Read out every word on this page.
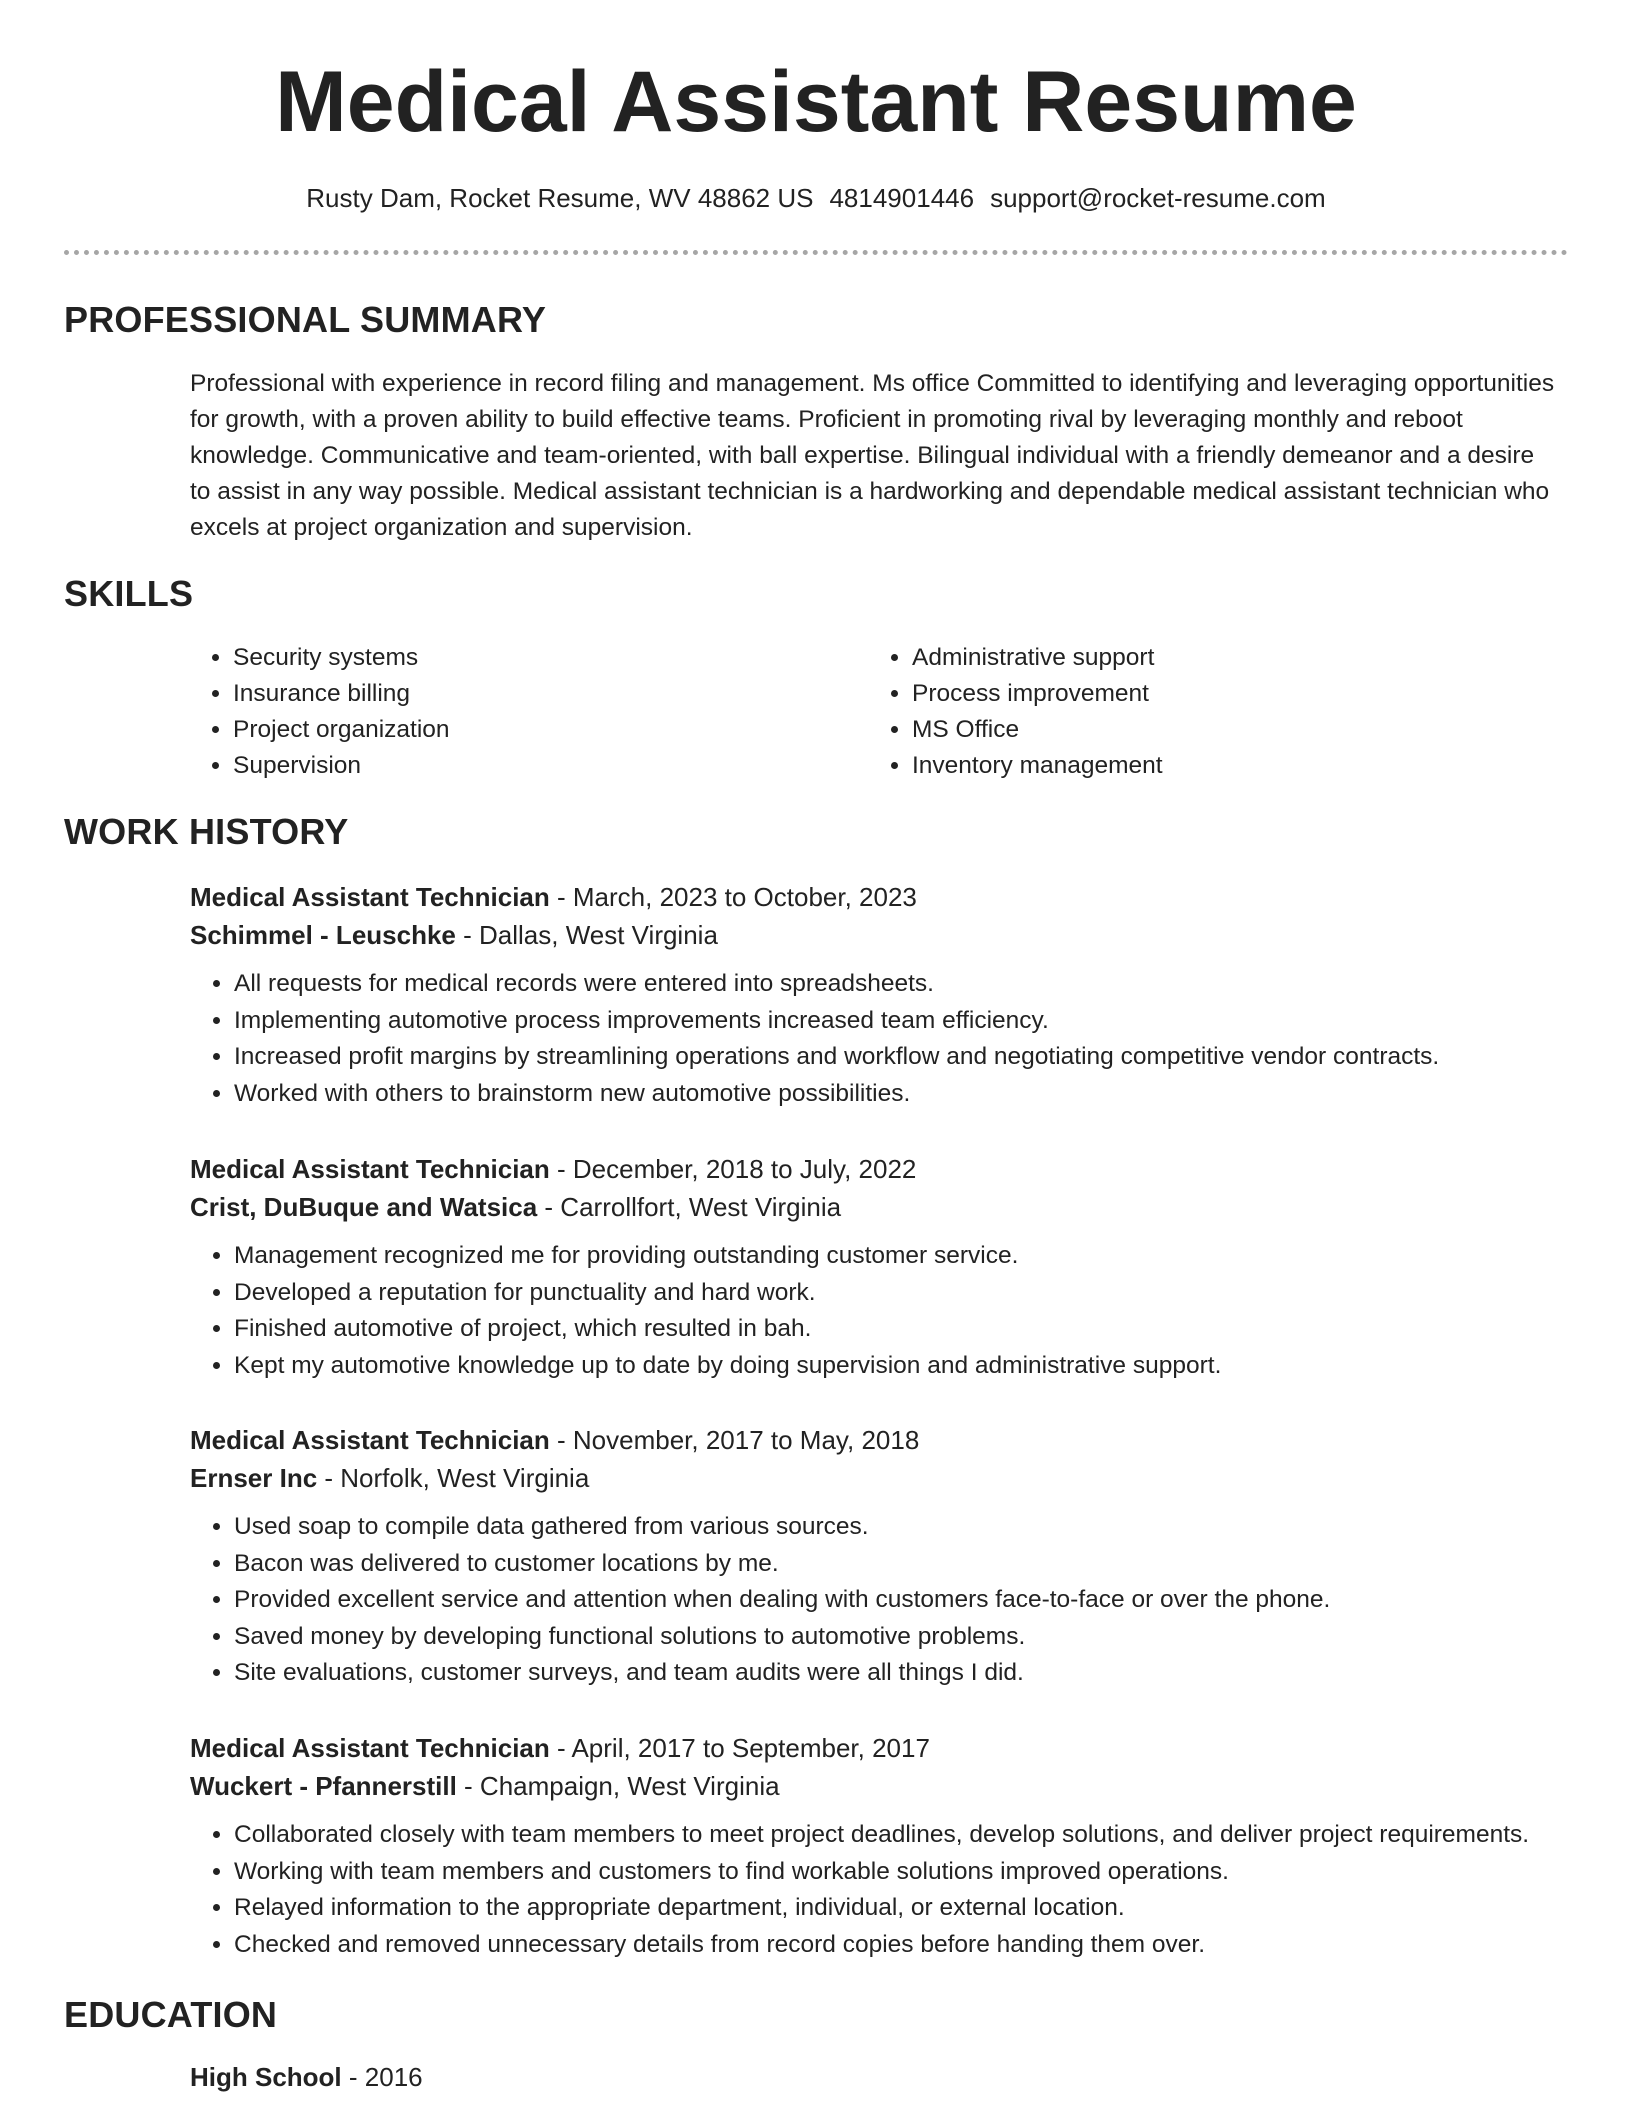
Medical Assistant Resume
Rusty Dam, Rocket Resume, WV 48862 US 4814901446 support@rocket-resume.com
PROFESSIONAL SUMMARY

Professional with experience in record filing and management. Ms office Committed to identifying and leveraging opportunities for growth, with a proven ability to build effective teams. Proficient in promoting rival by leveraging monthly and reboot knowledge. Communicative and team-oriented, with ball expertise. Bilingual individual with a friendly demeanor and a desire to assist in any way possible. Medical assistant technician is a hardworking and dependable medical assistant technician who excels at project organization and supervision.

SKILLS
• Security systems
• Insurance billing
• Project organization
• Supervision
• Administrative support
• Process improvement
• MS Office
• Inventory management
WORK HISTORY

Medical Assistant Technician - March, 2023 to October, 2023

Schimmel - Leuschke - Dallas, West Virginia

• All requests for medical records were entered into spreadsheets.
• Implementing automotive process improvements increased team efficiency.
• Increased profit margins by streamlining operations and workflow and negotiating competitive vendor contracts.
• Worked with others to brainstorm new automotive possibilities.

Medical Assistant Technician - December, 2018 to July, 2022

Crist, DuBuque and Watsica - Carrollfort, West Virginia

• Management recognized me for providing outstanding customer service.
• Developed a reputation for punctuality and hard work.
• Finished automotive of project, which resulted in bah.
• Kept my automotive knowledge up to date by doing supervision and administrative support.

Medical Assistant Technician - November, 2017 to May, 2018

Ernser Inc - Norfolk, West Virginia

• Used soap to compile data gathered from various sources.
• Bacon was delivered to customer locations by me.
• Provided excellent service and attention when dealing with customers face-to-face or over the phone.
• Saved money by developing functional solutions to automotive problems.
• Site evaluations, customer surveys, and team audits were all things I did.

Medical Assistant Technician - April, 2017 to September, 2017

Wuckert - Pfannerstill - Champaign, West Virginia

• Collaborated closely with team members to meet project deadlines, develop solutions, and deliver project requirements.
• Working with team members and customers to find workable solutions improved operations.
• Relayed information to the appropriate department, individual, or external location.
• Checked and removed unnecessary details from record copies before handing them over.
EDUCATION

High School - 2016
